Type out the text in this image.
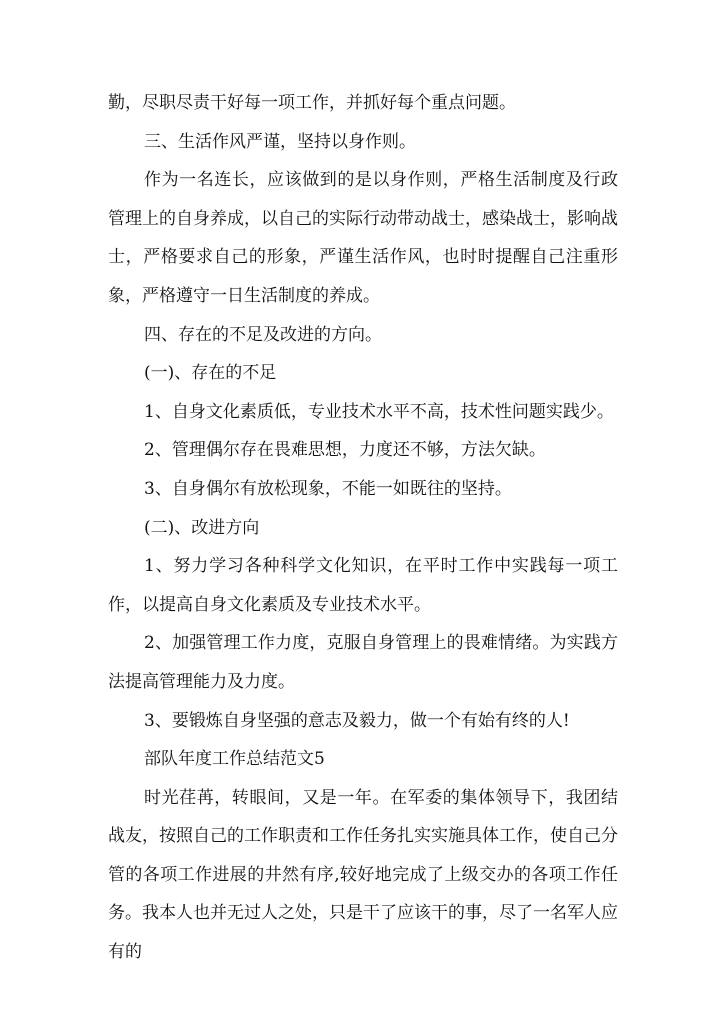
勤，尽职尽责干好每一项工作，并抓好每个重点问题。

三、生活作风严谨，坚持以身作则。

作为一名连长，应该做到的是以身作则，严格生活制度及行政管理上的自身养成，以自己的实际行动带动战士，感染战士，影响战士，严格要求自己的形象，严谨生活作风，也时时提醒自己注重形象，严格遵守一日生活制度的养成。

四、存在的不足及改进的方向。

(一)、存在的不足

1、自身文化素质低，专业技术水平不高，技术性问题实践少。

2、管理偶尔存在畏难思想，力度还不够，方法欠缺。

3、自身偶尔有放松现象，不能一如既往的坚持。

(二)、改进方向

1、努力学习各种科学文化知识，在平时工作中实践每一项工作，以提高自身文化素质及专业技术水平。

2、加强管理工作力度，克服自身管理上的畏难情绪。为实践方法提高管理能力及力度。

3、要锻炼自身坚强的意志及毅力，做一个有始有终的人!

部队年度工作总结范文5

时光荏苒，转眼间，又是一年。在军委的集体领导下，我团结战友，按照自己的工作职责和工作任务扎实实施具体工作，使自己分管的各项工作进展的井然有序,较好地完成了上级交办的各项工作任务。我本人也并无过人之处，只是干了应该干的事，尽了一名军人应有的
